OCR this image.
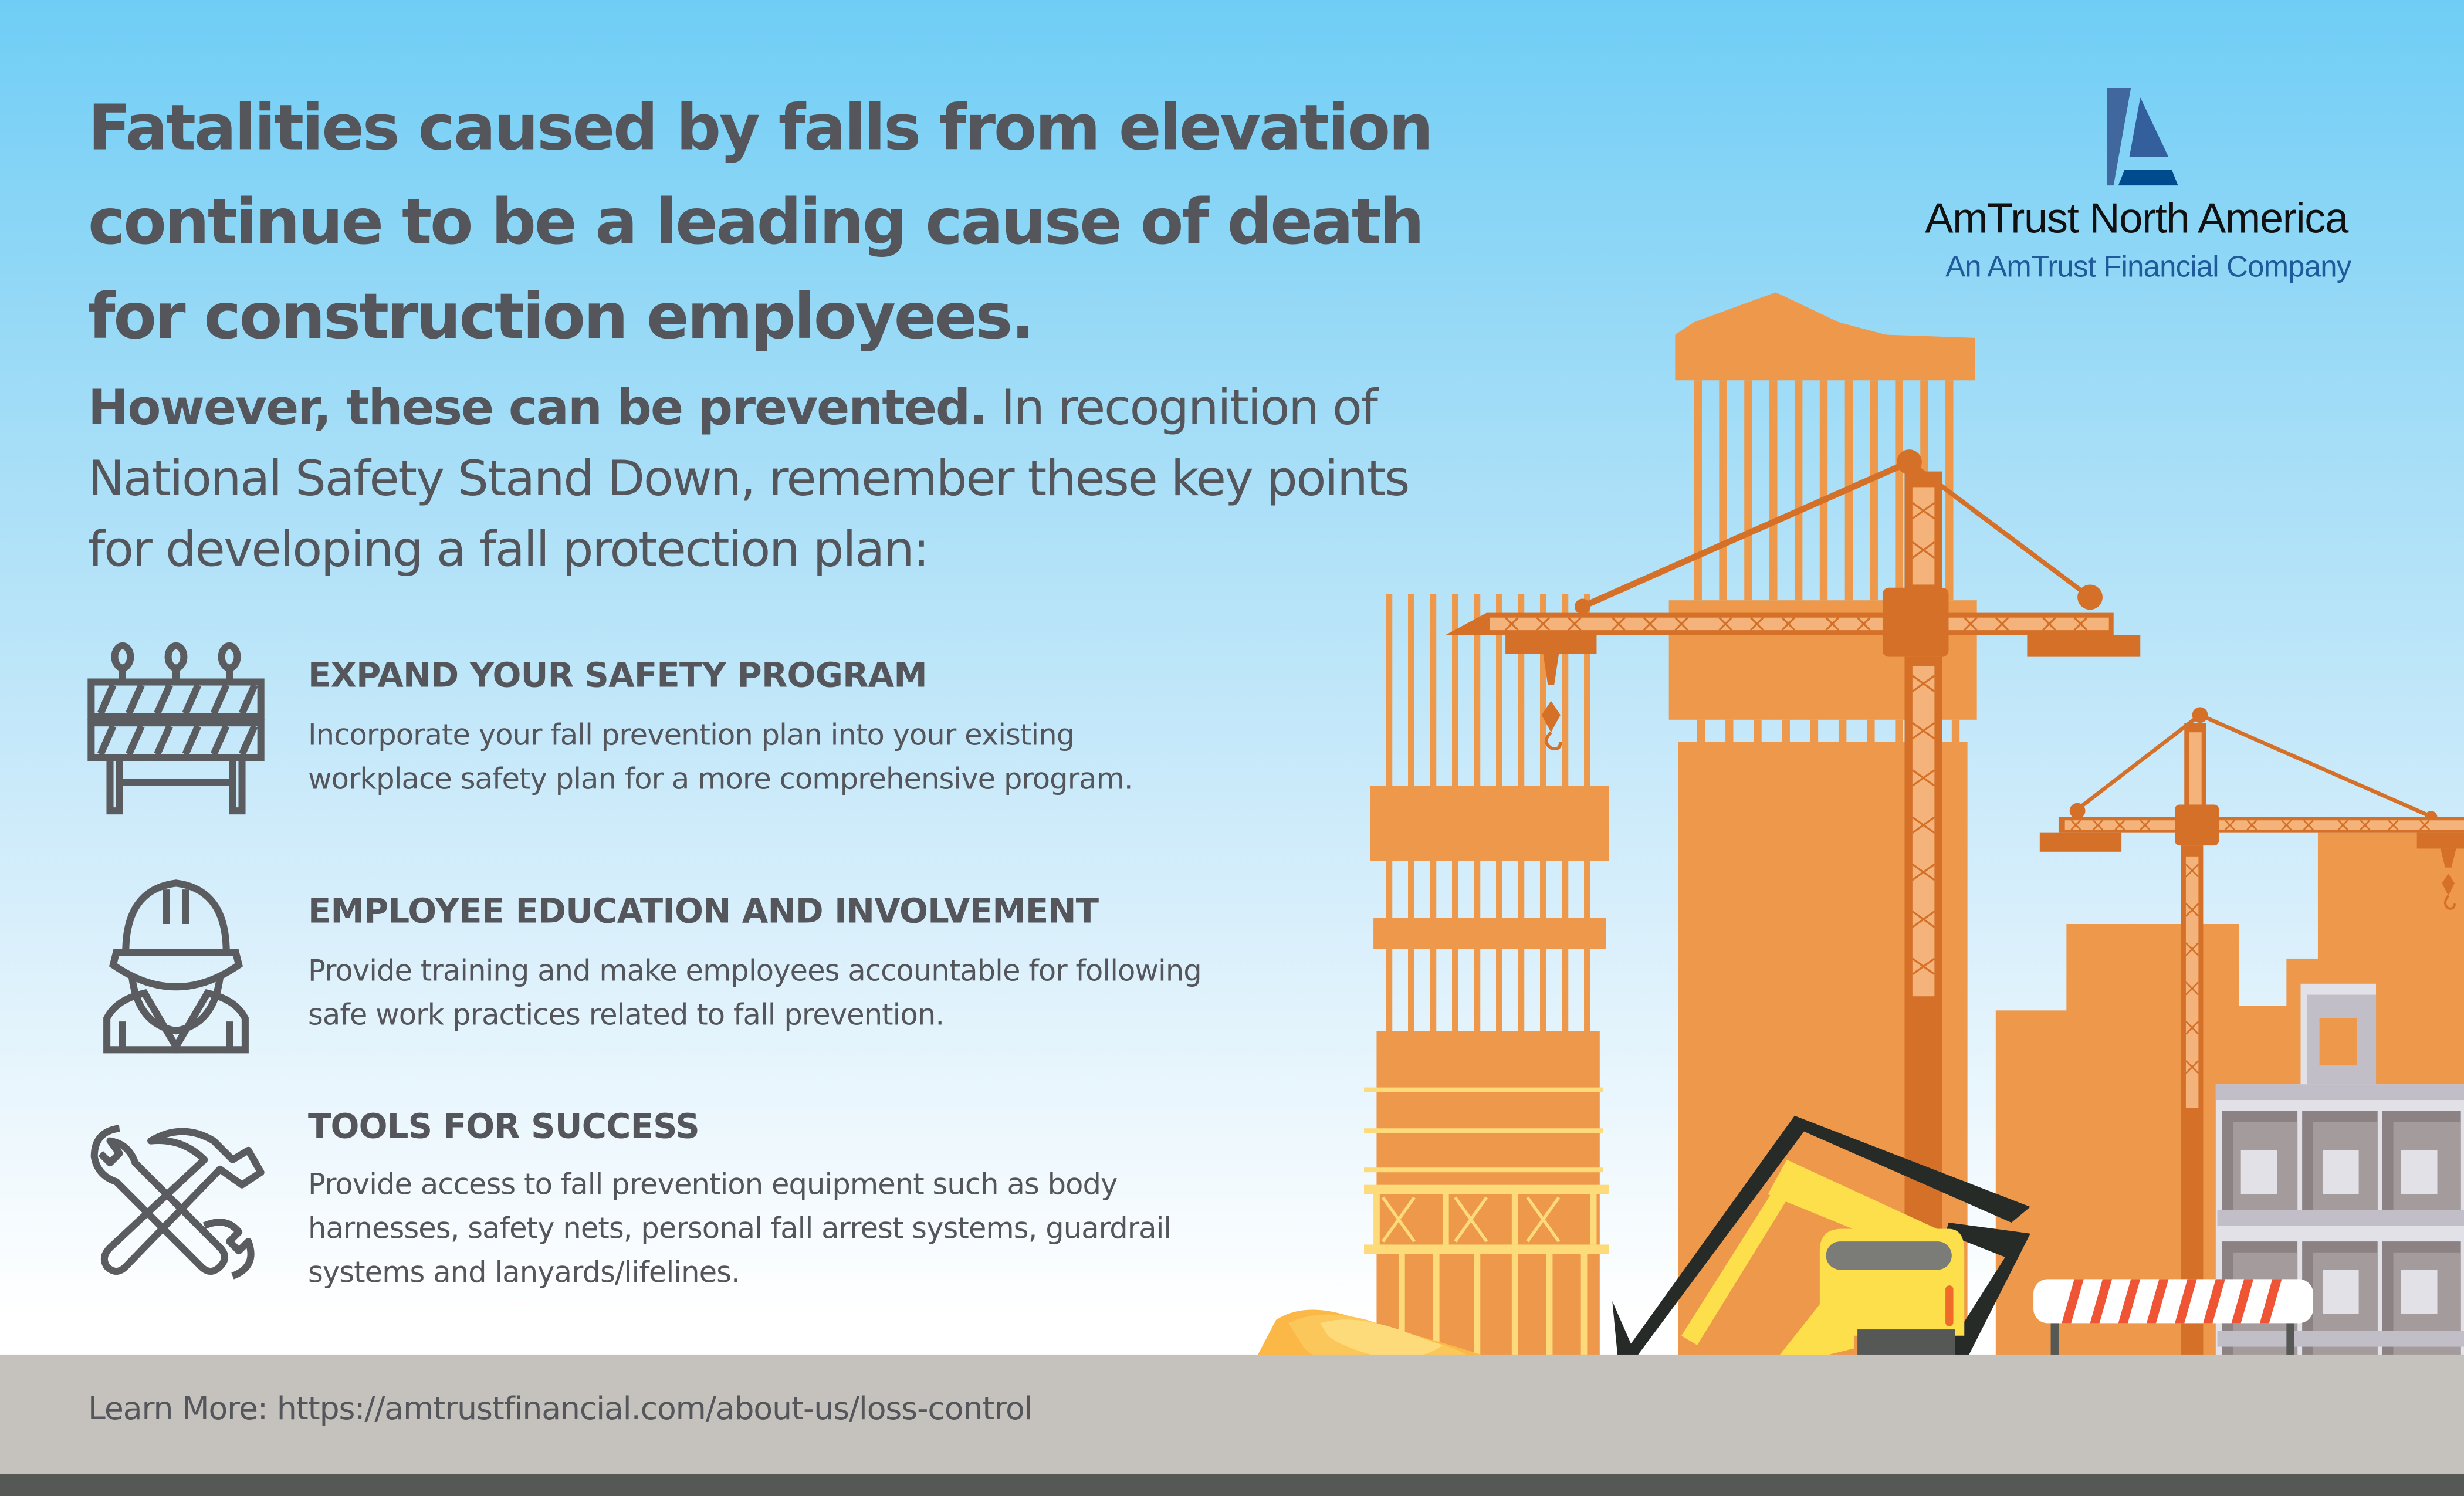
AmTrust North America
An AmTrust Financial Company
Fatalities caused by falls from elevation
continue to be a leading cause of death
for construction employees.
However, these can be prevented. In recognition of
National Safety Stand Down, remember these key points
for developing a fall protection plan:
EXPAND YOUR SAFETY PROGRAM
Incorporate your fall prevention plan into your existing
workplace safety plan for a more comprehensive program.
EMPLOYEE EDUCATION AND INVOLVEMENT
Provide training and make employees accountable for following
safe work practices related to fall prevention.
TOOLS FOR SUCCESS
Provide access to fall prevention equipment such as body
harnesses, safety nets, personal fall arrest systems, guardrail
systems and lanyards/lifelines.
Learn More: https://amtrustfinancial.com/about-us/loss-control
